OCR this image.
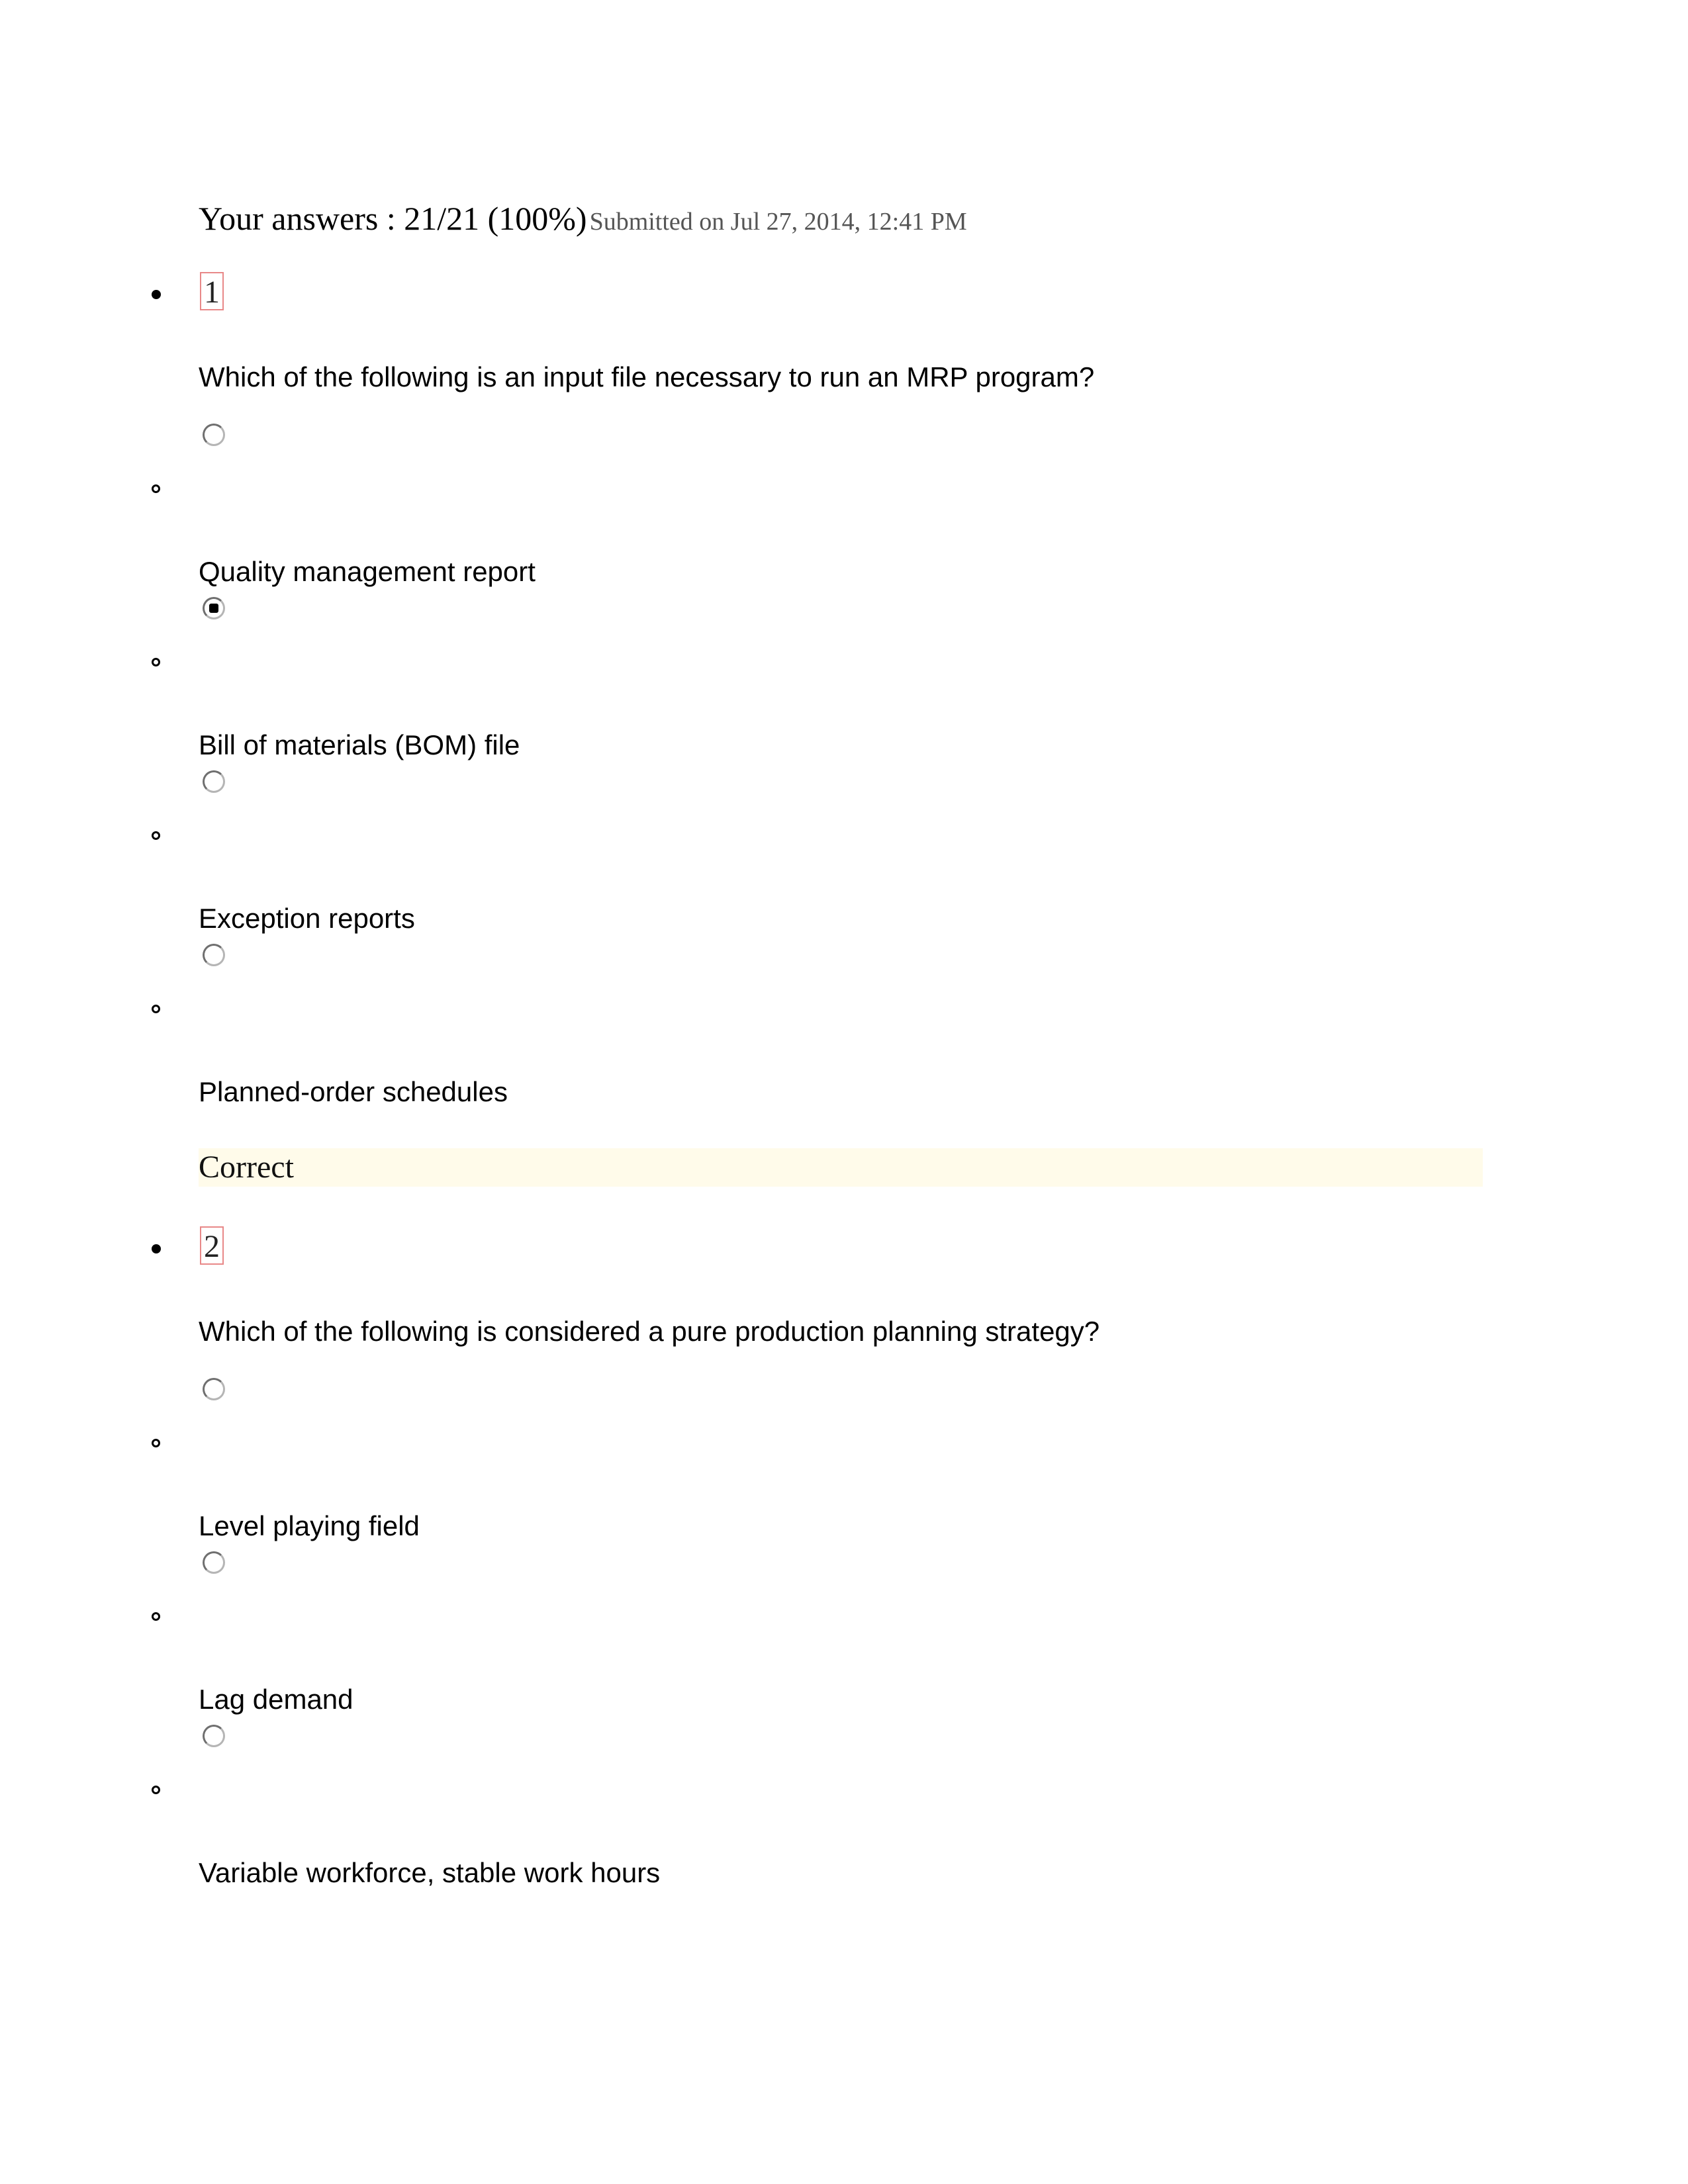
Your answers : 21/21 (100%) Submitted on Jul 27, 2014, 12:41 PM
1
Which of the following is an input file necessary to run an MRP program?
Quality management report
Bill of materials (BOM) file
Exception reports
Planned-order schedules
Correct
2
Which of the following is considered a pure production planning strategy?
Level playing field
Lag demand
Variable workforce, stable work hours
